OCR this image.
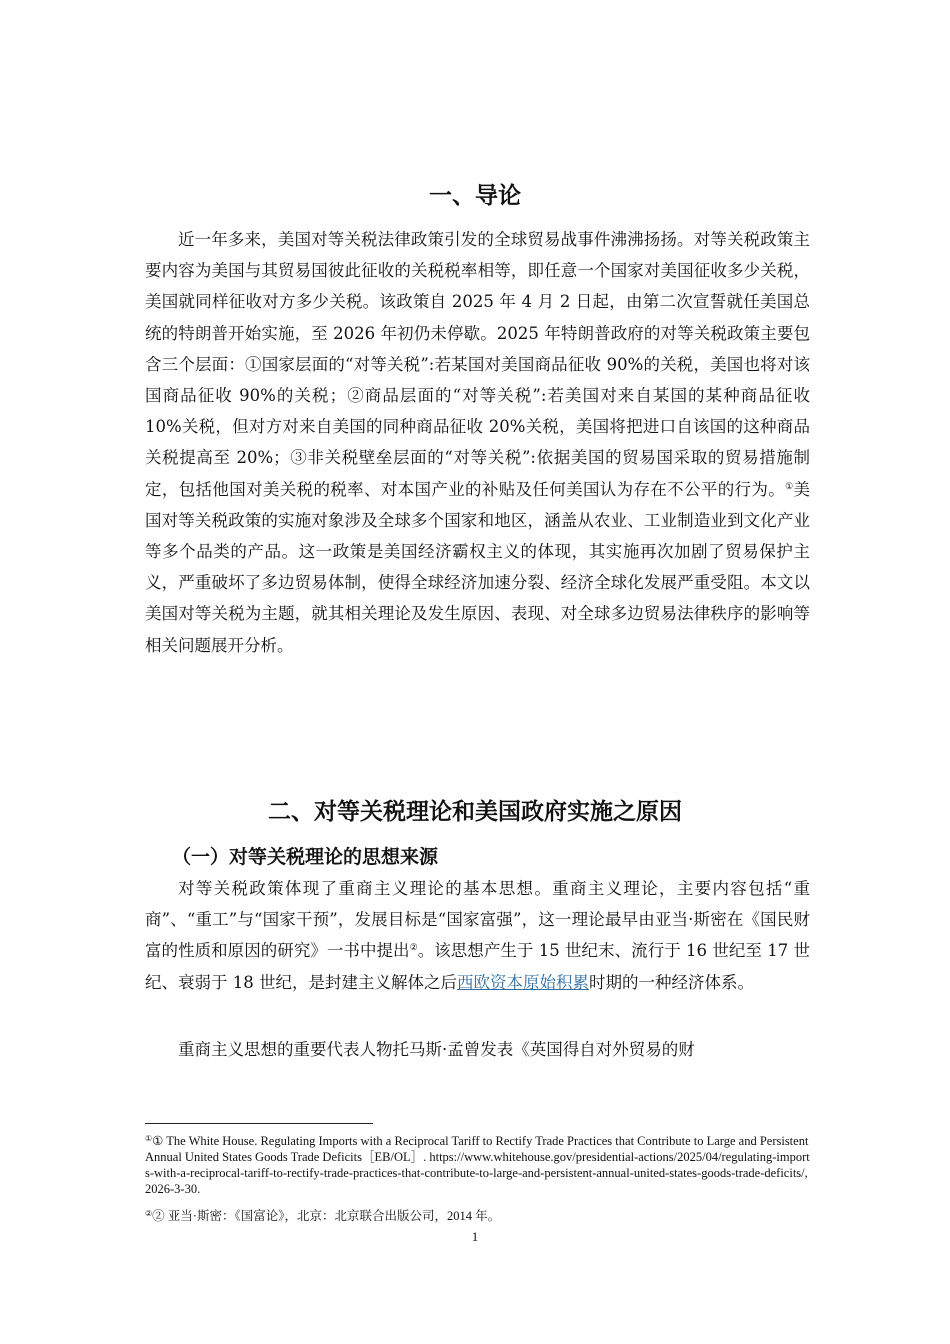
一、导论

近一年多来，美国对等关税法律政策引发的全球贸易战事件沸沸扬扬。对等关税政策主要内容为美国与其贸易国彼此征收的关税税率相等，即任意一个国家对美国征收多少关税，美国就同样征收对方多少关税。该政策自 2025 年 4 月 2 日起，由第二次宣誓就任美国总统的特朗普开始实施，至 2026 年初仍未停歇。2025 年特朗普政府的对等关税政策主要包含三个层面：①国家层面的“对等关税”:若某国对美国商品征收 90%的关税，美国也将对该国商品征收 90%的关税；②商品层面的“对等关税”:若美国对来自某国的某种商品征收 10%关税，但对方对来自美国的同种商品征收 20%关税，美国将把进口自该国的这种商品关税提高至 20%；③非关税壁垒层面的“对等关税”:依据美国的贸易国采取的贸易措施制定，包括他国对美关税的税率、对本国产业的补贴及任何美国认为存在不公平的行为。①美国对等关税政策的实施对象涉及全球多个国家和地区，涵盖从农业、工业制造业到文化产业等多个品类的产品。这一政策是美国经济霸权主义的体现，其实施再次加剧了贸易保护主义，严重破坏了多边贸易体制，使得全球经济加速分裂、经济全球化发展严重受阻。本文以美国对等关税为主题，就其相关理论及发生原因、表现、对全球多边贸易法律秩序的影响等相关问题展开分析。

二、对等关税理论和美国政府实施之原因
（一）对等关税理论的思想来源

对等关税政策体现了重商主义理论的基本思想。重商主义理论，主要内容包括“重商”、“重工”与“国家干预”，发展目标是“国家富强”，这一理论最早由亚当·斯密在《国民财富的性质和原因的研究》一书中提出②。该思想产生于 15 世纪末、流行于 16 世纪至 17 世纪、衰弱于 18 世纪，是封建主义解体之后西欧资本原始积累时期的一种经济体系。

重商主义思想的重要代表人物托马斯·孟曾发表《英国得自对外贸易的财

①① The White House. Regulating Imports with a Reciprocal Tariff to Rectify Trade Practices that Contribute to Large and Persistent Annual United States Goods Trade Deficits［EB/OL］. https://www.whitehouse.gov/presidential-actions/2025/04/regulating-imports-with-a-reciprocal-tariff-to-rectify-trade-practices-that-contribute-to-large-and-persistent-annual-united-states-goods-trade-deficits/,2026-3-30.

②② 亚当·斯密：《国富论》，北京：北京联合出版公司，2014 年。

1
